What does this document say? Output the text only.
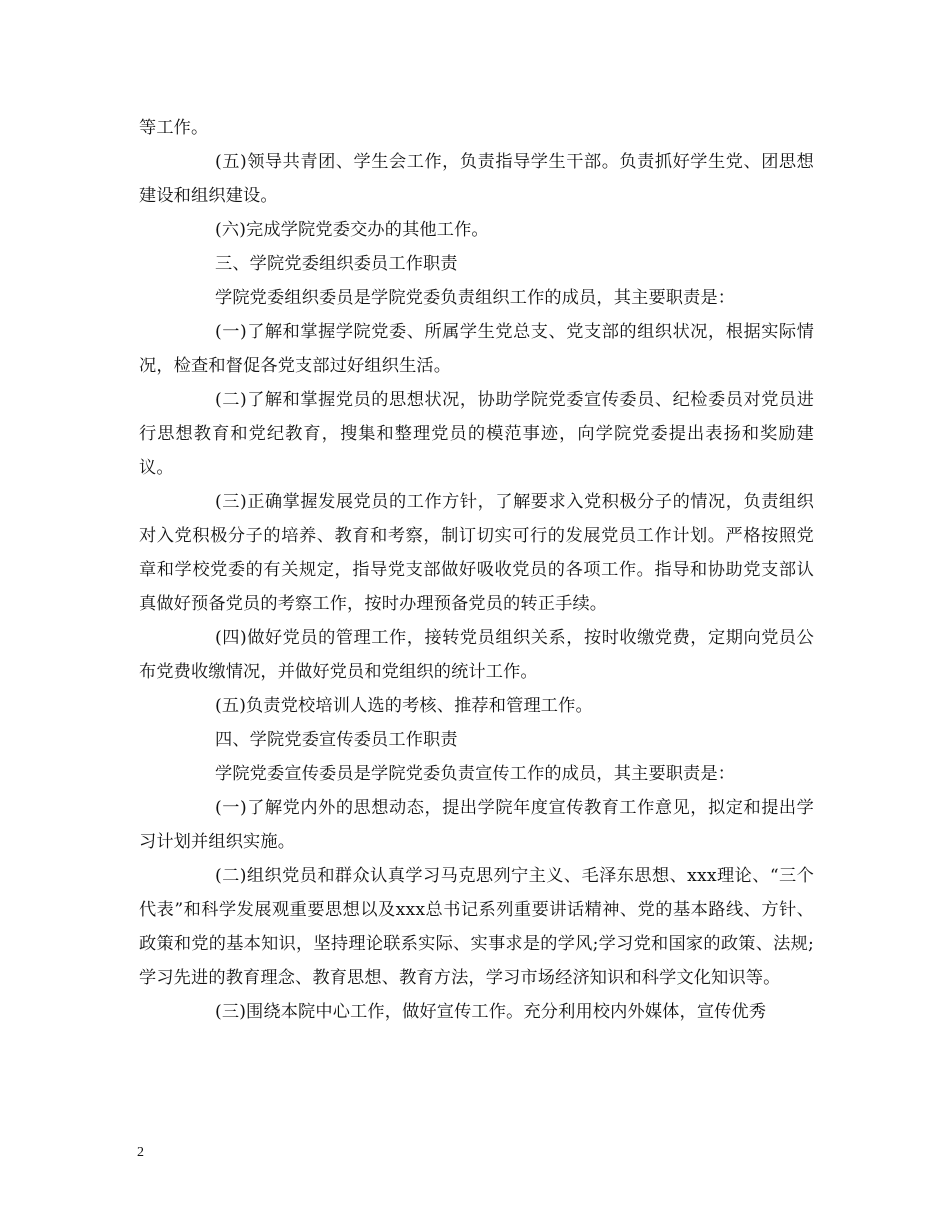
等工作。

(五)领导共青团、学生会工作，负责指导学生干部。负责抓好学生党、团思想建设和组织建设。

(六)完成学院党委交办的其他工作。

三、学院党委组织委员工作职责

学院党委组织委员是学院党委负责组织工作的成员，其主要职责是：

(一)了解和掌握学院党委、所属学生党总支、党支部的组织状况，根据实际情况，检查和督促各党支部过好组织生活。

(二)了解和掌握党员的思想状况，协助学院党委宣传委员、纪检委员对党员进行思想教育和党纪教育，搜集和整理党员的模范事迹，向学院党委提出表扬和奖励建议。

(三)正确掌握发展党员的工作方针，了解要求入党积极分子的情况，负责组织对入党积极分子的培养、教育和考察，制订切实可行的发展党员工作计划。严格按照党章和学校党委的有关规定，指导党支部做好吸收党员的各项工作。指导和协助党支部认真做好预备党员的考察工作，按时办理预备党员的转正手续。

(四)做好党员的管理工作，接转党员组织关系，按时收缴党费，定期向党员公布党费收缴情况，并做好党员和党组织的统计工作。

(五)负责党校培训人选的考核、推荐和管理工作。

四、学院党委宣传委员工作职责

学院党委宣传委员是学院党委负责宣传工作的成员，其主要职责是：

(一)了解党内外的思想动态，提出学院年度宣传教育工作意见，拟定和提出学习计划并组织实施。

(二)组织党员和群众认真学习马克思列宁主义、毛泽东思想、xxx理论、“三个代表”和科学发展观重要思想以及xxx总书记系列重要讲话精神、党的基本路线、方针、政策和党的基本知识，坚持理论联系实际、实事求是的学风;学习党和国家的政策、法规;学习先进的教育理念、教育思想、教育方法，学习市场经济知识和科学文化知识等。

(三)围绕本院中心工作，做好宣传工作。充分利用校内外媒体，宣传优秀

2
